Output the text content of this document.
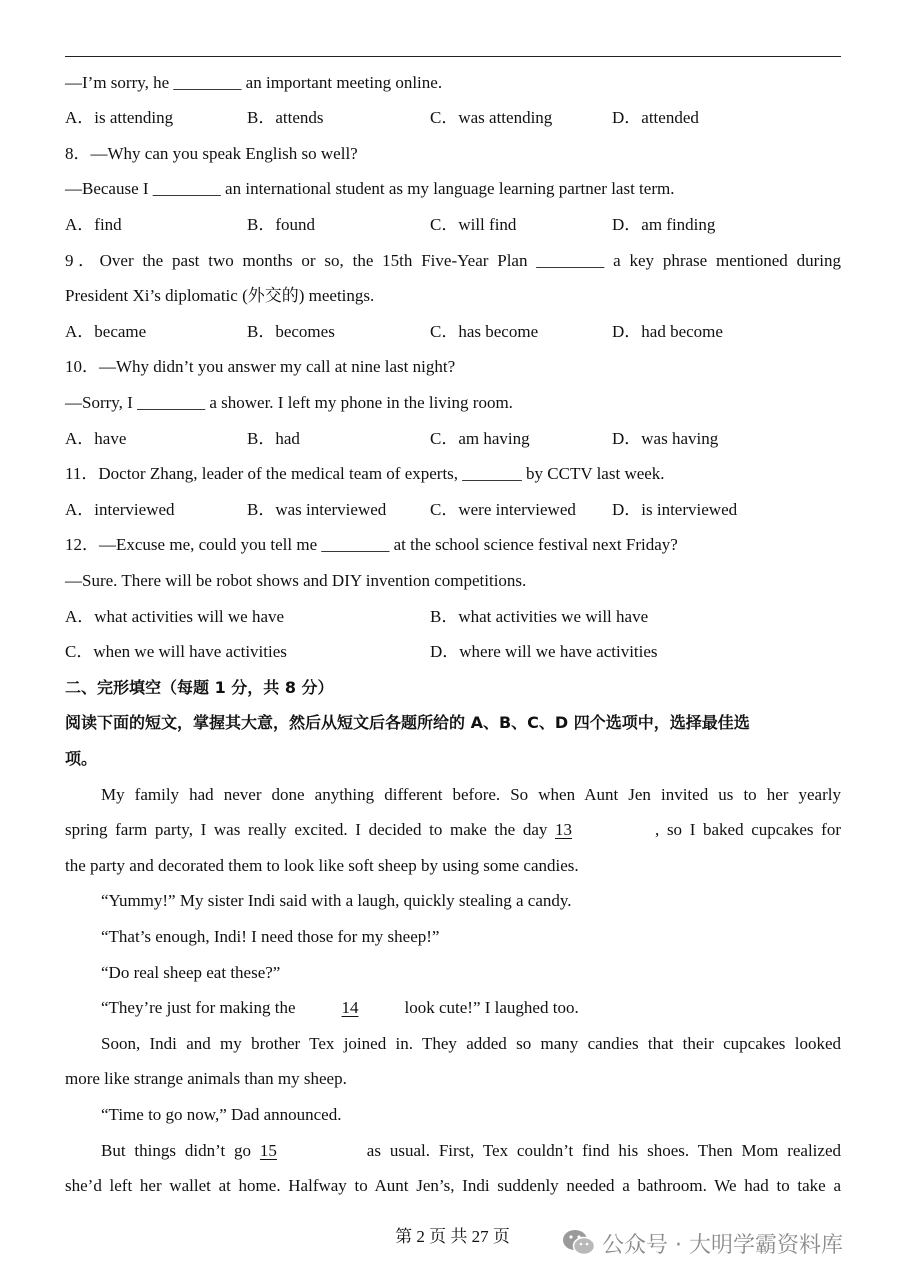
—I’m sorry, he ________ an important meeting online.
A．is attending	B．attends	C．was attending	D．attended
8．—Why can you speak English so well?
—Because I ________ an international student as my language learning partner last term.
A．find	B．found	C．will find	D．am finding
9．Over the past two months or so, the 15th Five-Year Plan ________ a key phrase mentioned during
President Xi’s diplomatic (外交的) meetings.
A．became	B．becomes	C．has become	D．had become
10．—Why didn’t you answer my call at nine last night?
—Sorry, I ________ a shower. I left my phone in the living room.
A．have	B．had	C．am having	D．was having
11．Doctor Zhang, leader of the medical team of experts, _______ by CCTV last week.
A．interviewed	B．was interviewed	C．were interviewed D．is interviewed
12．—Excuse me, could you tell me ________ at the school science festival next Friday?
—Sure. There will be robot shows and DIY invention competitions.
A．what activities will we have	B．what activities we will have
C．when we will have activities	D．where will we have activities
二、完形填空（每题 1 分，共 8 分）
阅读下面的短文，掌握其大意，然后从短文后各题所给的 A、B、C、D 四个选项中，选择最佳选
项。
My family had never done anything different before. So when Aunt Jen invited us to her yearly
spring farm party, I was really excited. I decided to make the day 13	, so I baked cupcakes for
the party and decorated them to look like soft sheep by using some candies.
“Yummy!” My sister Indi said with a laugh, quickly stealing a candy.
“That’s enough, Indi! I need those for my sheep!”
“Do real sheep eat these?”
“They’re just for making the	14	look cute!” I laughed too.
Soon, Indi and my brother Tex joined in. They added so many candies that their cupcakes looked
more like strange animals than my sheep.
“Time to go now,” Dad announced.
But things didn’t go 15	as usual. First, Tex couldn’t find his shoes. Then Mom realized
she’d left her wallet at home. Halfway to Aunt Jen’s, Indi suddenly needed a bathroom. We had to take a
第 2 页 共 27 页	公众号 · 大明学霸资料库
